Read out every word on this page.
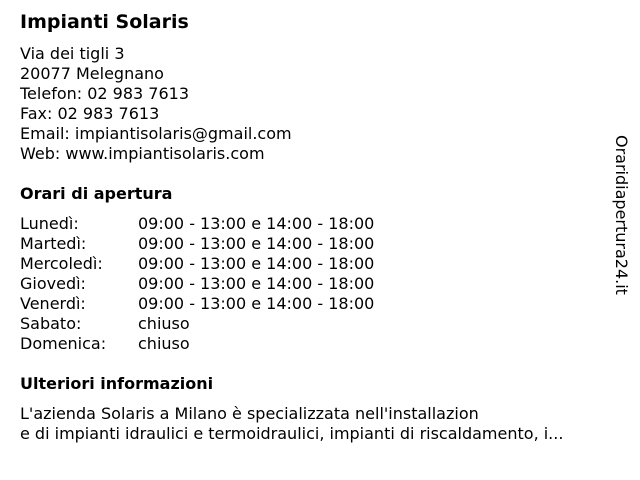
Impianti Solaris
Via dei tigli 3
20077 Melegnano
Telefon: 02 983 7613
Fax: 02 983 7613
Email: impiantisolaris@gmail.com
Web: www.impiantisolaris.com
Orari di apertura
Lunedì:	09:00 - 13:00 e 14:00 - 18:00
Martedì:	09:00 - 13:00 e 14:00 - 18:00
Mercoledì: 09:00 - 13:00 e 14:00 - 18:00
Giovedì:	09:00 - 13:00 e 14:00 - 18:00
Venerdì:	09:00 - 13:00 e 14:00 - 18:00
Sabato:	chiuso
Domenica: chiuso
Ulteriori informazioni
L'azienda Solaris a Milano è specializzata nell'installazion
e di impianti idraulici e termoidraulici, impianti di riscaldamento, i...
Oraridiapertura24.it
